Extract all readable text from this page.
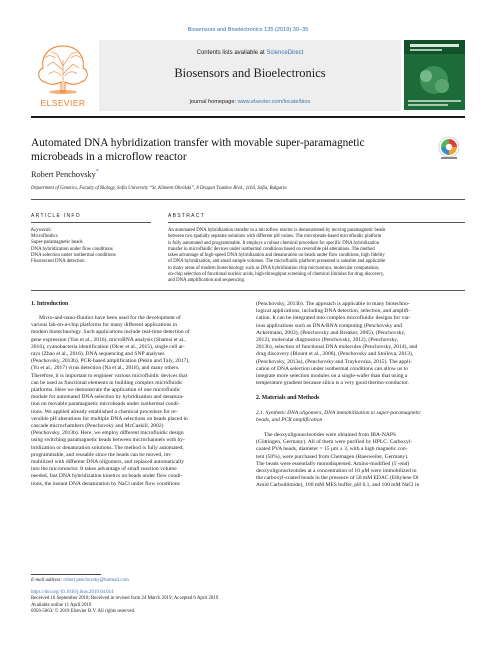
Biosensors and Bioelectronics 135 (2019) 30–35
ELSEVIER
Contents lists available at ScienceDirect
Biosensors and Bioelectronics
journal homepage: www.elsevier.com/locate/bios
Automated DNA hybridization transfer with movable super-paramagnetic
microbeads in a microflow reactor
Robert Penchovsky*
Department of Genetics, Faculty of Biology, Sofia University “St. Kliment Ohridski”, 8 Dragan Tzankov Blvd., 1164, Sofia, Bulgaria
ARTICLE INFO	ABSTRACT
Keywords:
Microfluidics
Super-paramagnetic beads
DNA hybridization under flow conditions
DNA selection under isothermal conditions
Fluorescent DNA detection
An automated DNA hybridization transfer in a microflow reactor is demonstrated by moving paramagnetic beads
between two spatially separate solutions with different pH values. The microbeads-based microfluidic platform
is fully automated and programmable. It employs a robust chemical procedure for specific DNA hybridization
transfer in microfluidic devices under isothermal conditions based on reversible pH alterations. The method
takes advantage of high-speed DNA hybridization and denaturation on beads under flow conditions, high fidelity
of DNA hybridization, and small sample volumes. The microfluidic platform presented is saleable and applicable
to many areas of modern biotechnology such as DNA hybridization chip microarrays, molecular computation,
on-chip selection of functional nucleic acids, high-throughput screening of chemical libraries for drug discovery,
and DNA amplification and sequencing.
1. Introduction
Micro-and-nano-fluidics have been used for the development of
various lab-on-a-chip platforms for many different applications in
modern biotechnology. Such applications include real-time detection of
gene expression (Yan et al., 2016), microRNA analysis (Shamsi et al.,
2016), cyanobacteria identification (Olcer et al., 2015), single cell ar-
rays (Zhao et al., 2016), DNA sequencing and SNP analyses
(Penchovsky, 2013b), PCR-based amplification (Pekin and Taly, 2017),
(Yu et al., 2017) virus detection (Na et al., 2018), and many others.
Therefore, it is important to engineer various microfluidic devices that
can be used as functional elements in building complex microfluidic
platforms. Here we demonstrate the application of one microfluidic
module for automated DNA selection by hybridization and denatura-
tion on movable paramagnetic microbeads under isothermal condi-
tions. We applied already established a chemical procedure for re-
versible pH alterations for multiple DNA selections on beads placed in
cascade microchambers (Penchovsky and McCaskill, 2002)
(Penchovsky, 2013b). Here, we employ different microfluidic design
using switching paramagnetic beads between microchannels with hy-
bridization or denaturation solutions. The method is fully automated,
programmable, and reusable since the beads can be moved, im-
mobilized with different DNA oligomers, and replaced automatically
into the microreactor. It takes advantage of small reaction volume
needed, fast DNA hybridization kinetics on beads under flow condi-
tions, the instant DNA denaturation by NaCl under flow conditions
(Penchovsky, 2013b). The approach is applicable to many biotechno-
logical applications, including DNA detection, selection, and amplifi-
cation. It can be integrated into complex microfluidic designs for var-
ious applications such as DNA/RNA computing (Penchovsky and
Ackermann, 2003), (Penchovsky and Breaker, 2005), (Penchovsky,
2012), molecular diagnostics (Penchovsky, 2012), (Penchovsky,
2013b), selection of functional DNA molecules (Penchovsky, 2014), and
drug discovery (Blount et al., 2006), (Penchovsky and Stoilova, 2013),
(Penchovsky, 2013a), (Penchovsky and Traykovska, 2015). The appli-
cation of DNA selection under isothermal conditions can allow us to
integrate more selection modules on a single-wafer than that using a
temperature gradient because silica is a very good thermo-conductor.
2. Materials and Methods
2.1. Synthetic DNA oligomers, DNA immobilization to super-paramagnetic
beads, and PCR amplification
The deoxyoligonucleotides were obtained from IBA-NAPS
(Göttingen, Germany). All of them were purified by HPLC. Carboxyl-
coated PVA beads, diameter = 15 μm ± 3, with a high magnetic con-
tent (50%), were purchased from Chemagen (Baesweiler, Germany).
The beads were essentially monodispersed. Amino-modified (5′-end)
deoxyoligonucleotides at a concentration of 10 μM were immobilized to
the carboxyl-coated beads in the presence of 50 mM EDAC (Ethylene Di
Amid Carbodiimide), 100 mM MES buffer, pH 6.1, and 100 mM NaCl in
E-mail address: robert.penchovsky@hotmail.com
https://doi.org/10.1016/j.bios.2019.04.014
Received 16 September 2018; Received in revised form 24 March 2019; Accepted 6 April 2019
Available online 11 April 2019
0956-5663/ © 2019 Elsevier B.V. All rights reserved.
